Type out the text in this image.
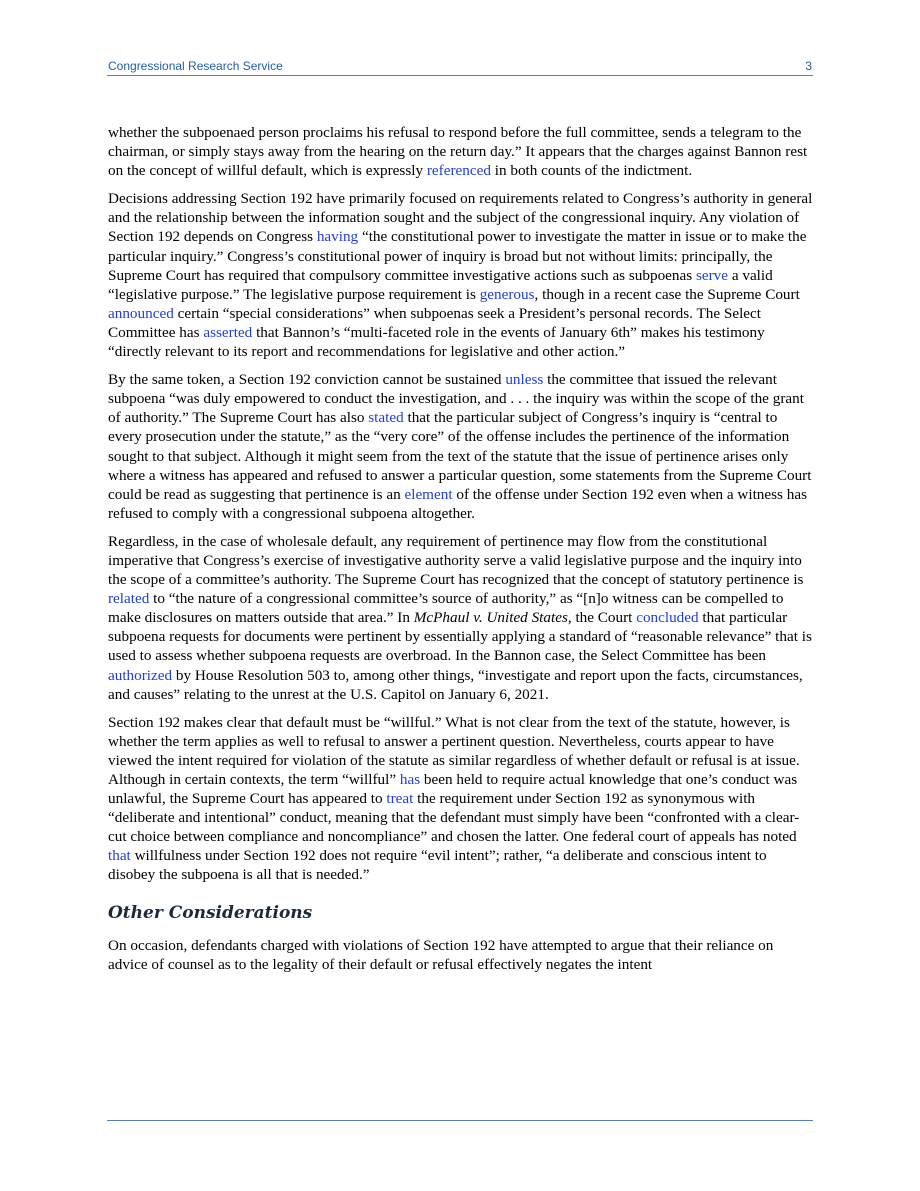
Congressional Research Service	3

whether the subpoenaed person proclaims his refusal to respond before the full committee, sends a telegram to the chairman, or simply stays away from the hearing on the return day.” It appears that the charges against Bannon rest on the concept of willful default, which is expressly referenced in both counts of the indictment.

Decisions addressing Section 192 have primarily focused on requirements related to Congress’s authority in general and the relationship between the information sought and the subject of the congressional inquiry. Any violation of Section 192 depends on Congress having “the constitutional power to investigate the matter in issue or to make the particular inquiry.” Congress’s constitutional power of inquiry is broad but not without limits: principally, the Supreme Court has required that compulsory committee investigative actions such as subpoenas serve a valid “legislative purpose.” The legislative purpose requirement is generous, though in a recent case the Supreme Court announced certain “special considerations” when subpoenas seek a President’s personal records. The Select Committee has asserted that Bannon’s “multi-faceted role in the events of January 6th” makes his testimony “directly relevant to its report and recommendations for legislative and other action.”

By the same token, a Section 192 conviction cannot be sustained unless the committee that issued the relevant subpoena “was duly empowered to conduct the investigation, and . . . the inquiry was within the scope of the grant of authority.” The Supreme Court has also stated that the particular subject of Congress’s inquiry is “central to every prosecution under the statute,” as the “very core” of the offense includes the pertinence of the information sought to that subject. Although it might seem from the text of the statute that the issue of pertinence arises only where a witness has appeared and refused to answer a particular question, some statements from the Supreme Court could be read as suggesting that pertinence is an element of the offense under Section 192 even when a witness has refused to comply with a congressional subpoena altogether.

Regardless, in the case of wholesale default, any requirement of pertinence may flow from the constitutional imperative that Congress’s exercise of investigative authority serve a valid legislative purpose and the inquiry into the scope of a committee’s authority. The Supreme Court has recognized that the concept of statutory pertinence is related to “the nature of a congressional committee’s source of authority,” as “[n]o witness can be compelled to make disclosures on matters outside that area.” In McPhaul v. United States, the Court concluded that particular subpoena requests for documents were pertinent by essentially applying a standard of “reasonable relevance” that is used to assess whether subpoena requests are overbroad. In the Bannon case, the Select Committee has been authorized by House Resolution 503 to, among other things, “investigate and report upon the facts, circumstances, and causes” relating to the unrest at the U.S. Capitol on January 6, 2021.

Section 192 makes clear that default must be “willful.” What is not clear from the text of the statute, however, is whether the term applies as well to refusal to answer a pertinent question. Nevertheless, courts appear to have viewed the intent required for violation of the statute as similar regardless of whether default or refusal is at issue. Although in certain contexts, the term “willful” has been held to require actual knowledge that one’s conduct was unlawful, the Supreme Court has appeared to treat the requirement under Section 192 as synonymous with “deliberate and intentional” conduct, meaning that the defendant must simply have been “confronted with a clear-cut choice between compliance and noncompliance” and chosen the latter. One federal court of appeals has noted that willfulness under Section 192 does not require “evil intent”; rather, “a deliberate and conscious intent to disobey the subpoena is all that is needed.”

Other Considerations

On occasion, defendants charged with violations of Section 192 have attempted to argue that their reliance on advice of counsel as to the legality of their default or refusal effectively negates the intent
